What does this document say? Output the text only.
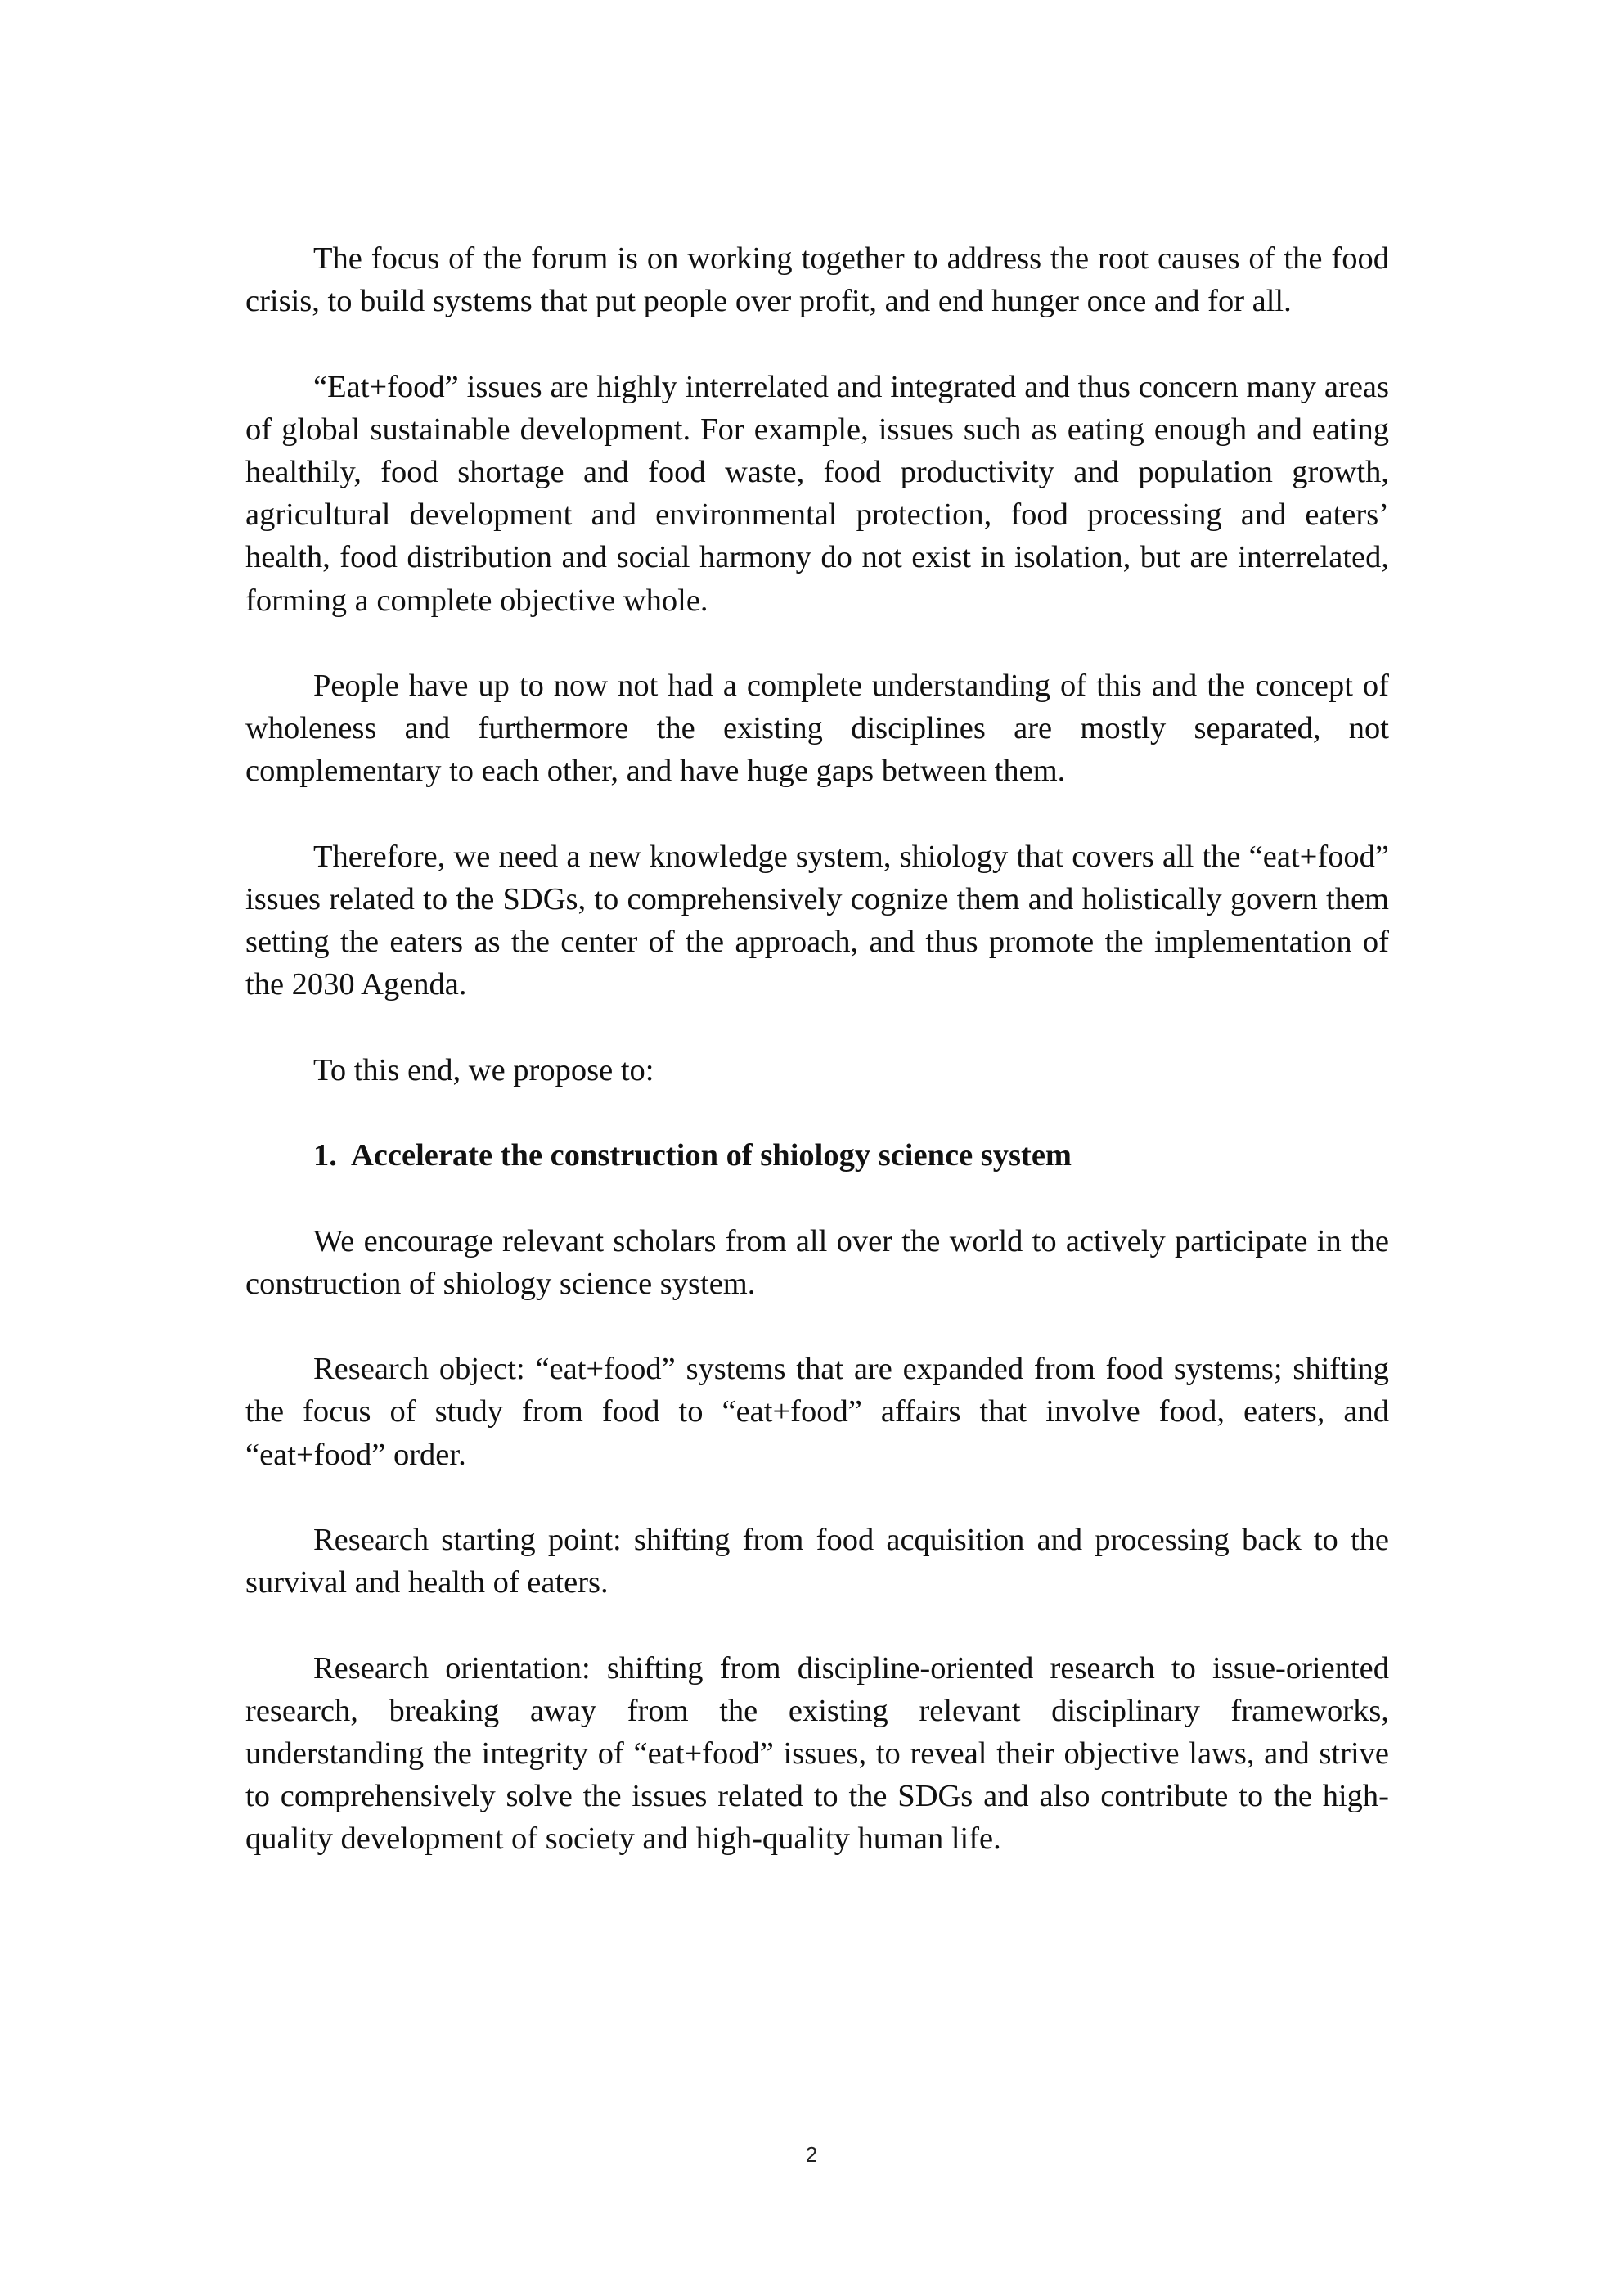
The focus of the forum is on working together to address the root causes of the food crisis, to build systems that put people over profit, and end hunger once and for all.

“Eat+food” issues are highly interrelated and integrated and thus concern many areas of global sustainable development. For example, issues such as eating enough and eating healthily, food shortage and food waste, food productivity and population growth, agricultural development and environmental protection, food processing and eaters’ health, food distribution and social harmony do not exist in isolation, but are interrelated, forming a complete objective whole.

People have up to now not had a complete understanding of this and the concept of wholeness and furthermore the existing disciplines are mostly separated, not complementary to each other, and have huge gaps between them.

Therefore, we need a new knowledge system, shiology that covers all the “eat+food” issues related to the SDGs, to comprehensively cognize them and holistically govern them setting the eaters as the center of the approach, and thus promote the implementation of the 2030 Agenda.

To this end, we propose to:

1. Accelerate the construction of shiology science system

We encourage relevant scholars from all over the world to actively participate in the construction of shiology science system.

Research object: “eat+food” systems that are expanded from food systems; shifting the focus of study from food to “eat+food” affairs that involve food, eaters, and “eat+food” order.

Research starting point: shifting from food acquisition and processing back to the survival and health of eaters.

Research orientation: shifting from discipline-oriented research to issue-oriented research, breaking away from the existing relevant disciplinary frameworks, understanding the integrity of “eat+food” issues, to reveal their objective laws, and strive to comprehensively solve the issues related to the SDGs and also contribute to the high-quality development of society and high-quality human life.

2
